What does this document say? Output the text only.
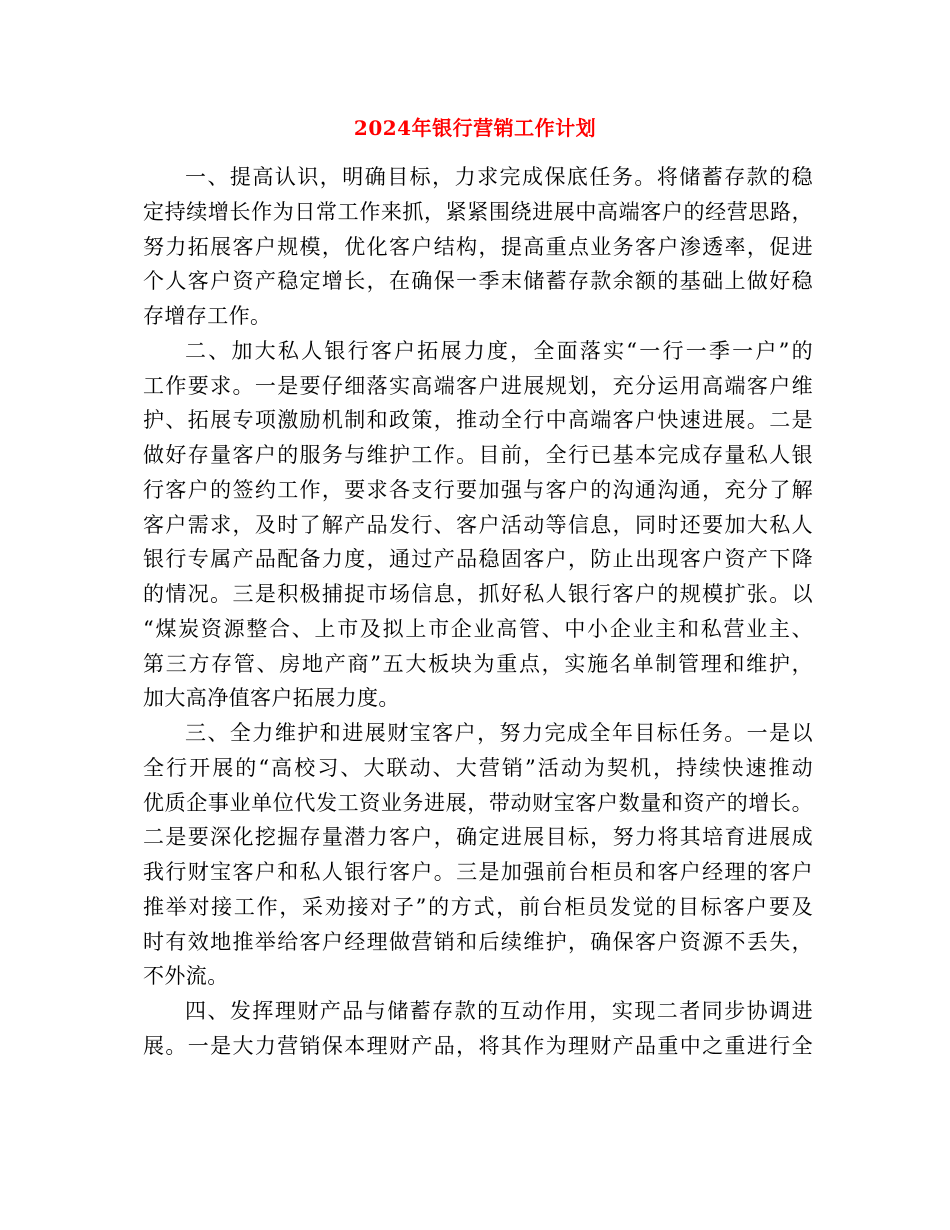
2024年银行营销工作计划
一、提高认识，明确目标，力求完成保底任务。将储蓄存款的稳
定持续增长作为日常工作来抓，紧紧围绕进展中高端客户的经营思路，
努力拓展客户规模，优化客户结构，提高重点业务客户渗透率，促进
个人客户资产稳定增长，在确保一季末储蓄存款余额的基础上做好稳
存增存工作。
二、加大私人银行客户拓展力度，全面落实“一行一季一户”的
工作要求。一是要仔细落实高端客户进展规划，充分运用高端客户维
护、拓展专项激励机制和政策，推动全行中高端客户快速进展。二是
做好存量客户的服务与维护工作。目前，全行已基本完成存量私人银
行客户的签约工作，要求各支行要加强与客户的沟通沟通，充分了解
客户需求，及时了解产品发行、客户活动等信息，同时还要加大私人
银行专属产品配备力度，通过产品稳固客户，防止出现客户资产下降
的情况。三是积极捕捉市场信息，抓好私人银行客户的规模扩张。以
“煤炭资源整合、上市及拟上市企业高管、中小企业主和私营业主、
第三方存管、房地产商”五大板块为重点，实施名单制管理和维护，
加大高净值客户拓展力度。
三、全力维护和进展财宝客户，努力完成全年目标任务。一是以
全行开展的“高校习、大联动、大营销”活动为契机，持续快速推动
优质企事业单位代发工资业务进展，带动财宝客户数量和资产的增长。
二是要深化挖掘存量潜力客户，确定进展目标，努力将其培育进展成
我行财宝客户和私人银行客户。三是加强前台柜员和客户经理的客户
推举对接工作，采劝接对子”的方式，前台柜员发觉的目标客户要及
时有效地推举给客户经理做营销和后续维护，确保客户资源不丢失，
不外流。
四、发挥理财产品与储蓄存款的互动作用，实现二者同步协调进
展。一是大力营销保本理财产品，将其作为理财产品重中之重进行全
